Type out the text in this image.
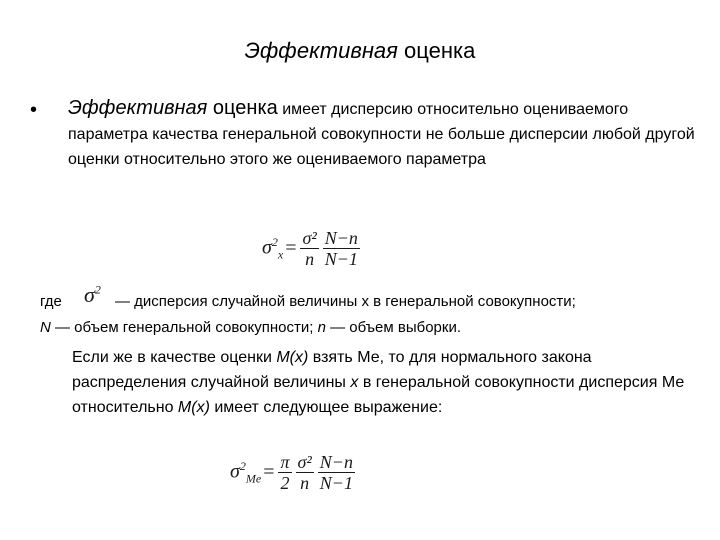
Эффективная оценка
• Эффективная оценка имеет дисперсию относительно оцениваемого параметра качества генеральной совокупности не больше дисперсии любой другой оценки относительно этого же оцениваемого параметра
$\sigma^2_x = \frac{\text{σ²}}{n} \frac{N-n}{N-1}$
где	$\sigma^2$
— дисперсия случайной величины x в генеральной совокупности;
N — объем генеральной совокупности; n — объем выборки.
Если же в качестве оценки M(x) взять Ме, то для нормального закона распределения случайной величины x в генеральной совокупности дисперсия Ме относительно M(x) имеет следующее выражение:
$\sigma^2_{Me} = \frac{\pi}{2} \frac{\text{σ²}}{n} \frac{N-n}{N-1}$
